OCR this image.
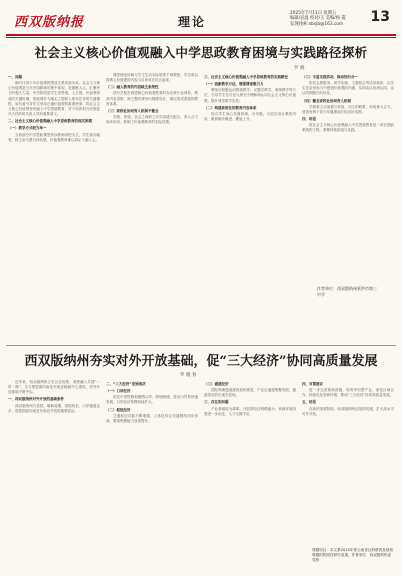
西双版纳报	理论
2025年7月11日 星期五
编辑/岩温 校对/玉 美编/杨 霞
发现线索:xbsjb@163.com	13
社会主义核心价值观融入中学思政教育困境与实践路径探析
罗 晓
一、问题

新时代青少年价值观的塑造关系民族未来。社会主义核心价值观是当代中国精神的集中体现，是凝聚人心、汇聚民力的强大力量。中学阶段是学生世界观、人生观、价值观形成的关键时期，思政课作为落实立德树人根本任务的关键课程，肩负着引导学生形成正确价值观的重要使命。将社会主义核心价值观有机融入中学思政教育，对于培养担当民族复兴大任的时代新人具有重要意义。

二、社会主义核心价值观融入中学思政教育的现实困境
（一）教学方式较为单一

当前部分中学思政课堂仍以教师讲授为主，学生被动接受，缺乏参与感与体验感，价值观教育难以真正入脑入心。

课堂理论讲解与学生生活实际联系不够紧密，学生难以将核心价值观的内容与自身成长结合起来。

（二）融入教育的内容缺乏系统性

部分学校在推进核心价值观教育时存在碎片化现象，教育内容零散，缺乏整体规划与梯度设计，难以形成系统的教育体系。

（三）家校社协同育人机制不健全

学校、家庭、社会之间缺乏有效沟通与配合，育人合力尚未形成，影响了价值观教育的实际效果。

三、社会主义核心价值观融入中学思政教育的实践路径
（一）创新教学方法，增强课堂吸引力

教师应积极运用情境教学、议题式教学、案例教学等方法，引导学生在讨论与探究中理解和认同社会主义核心价值观，提升课堂教学实效。

（二）构建系统化的教育内容体系

结合学生身心发展规律，分年级、分层次设计教育内容，做到循序渐进、螺旋上升。

（三）丰富实践活动，推动知行合一

依托志愿服务、研学实践、主题班会等活动载体，让学生在亲身参与中感悟价值观的内涵，实现由认知到认同、由认同到践行的转化。

（四）健全家校社协同育人机制

学校要主动加强与家庭、社区的联系，形成育人合力，营造有利于青少年健康成长的良好氛围。

四、结语

将社会主义核心价值观融入中学思政教育是一项长期而系统的工程，需要持续探索与实践。

作者单位：西双版纳州景洪市第三中学
西双版纳州夯实对外开放基础，促“三大经济”协同高质量发展
罗 晓 春

近年来，西双版纳州立足区位优势，深度融入共建“一带一路”，全力推进面向南亚东南亚辐射中心建设，对外开放基础不断夯实。

一、西双版纳州对外开放的基础条件

西双版纳州与老挝、缅甸接壤，国境线长，口岸通道众多，是我国面向南亚东南亚开放的重要前沿。

二、“三大经济”发展现状
（一）口岸经济

依托中老铁路和磨憨口岸，跨境物流、进出口贸易快速发展，口岸经济规模持续扩大。

（二）枢纽经济

交通枢纽功能不断增强，立体化综合交通网络初步形成，要素集聚能力显著提升。

（三）通道经济

国际物流通道建设加快推进，产业沿通道集聚发展，通道带动效应逐步显现。

三、存在的问题

产业基础较为薄弱，开放型经济规模偏小，营商环境仍需进一步优化，人才支撑不足。

四、对策建议

进一步完善基础设施，培育外向型产业，深化区域合作，持续优化营商环境，推动“三大经济”协同高质量发展。

五、结语

在新的发展阶段，西双版纳州应抢抓机遇，扩大高水平对外开放。

课题项目：本文系2025年度云南省社科联普及规划课题的阶段性研究成果。作者单位：西双版纳州委党校
